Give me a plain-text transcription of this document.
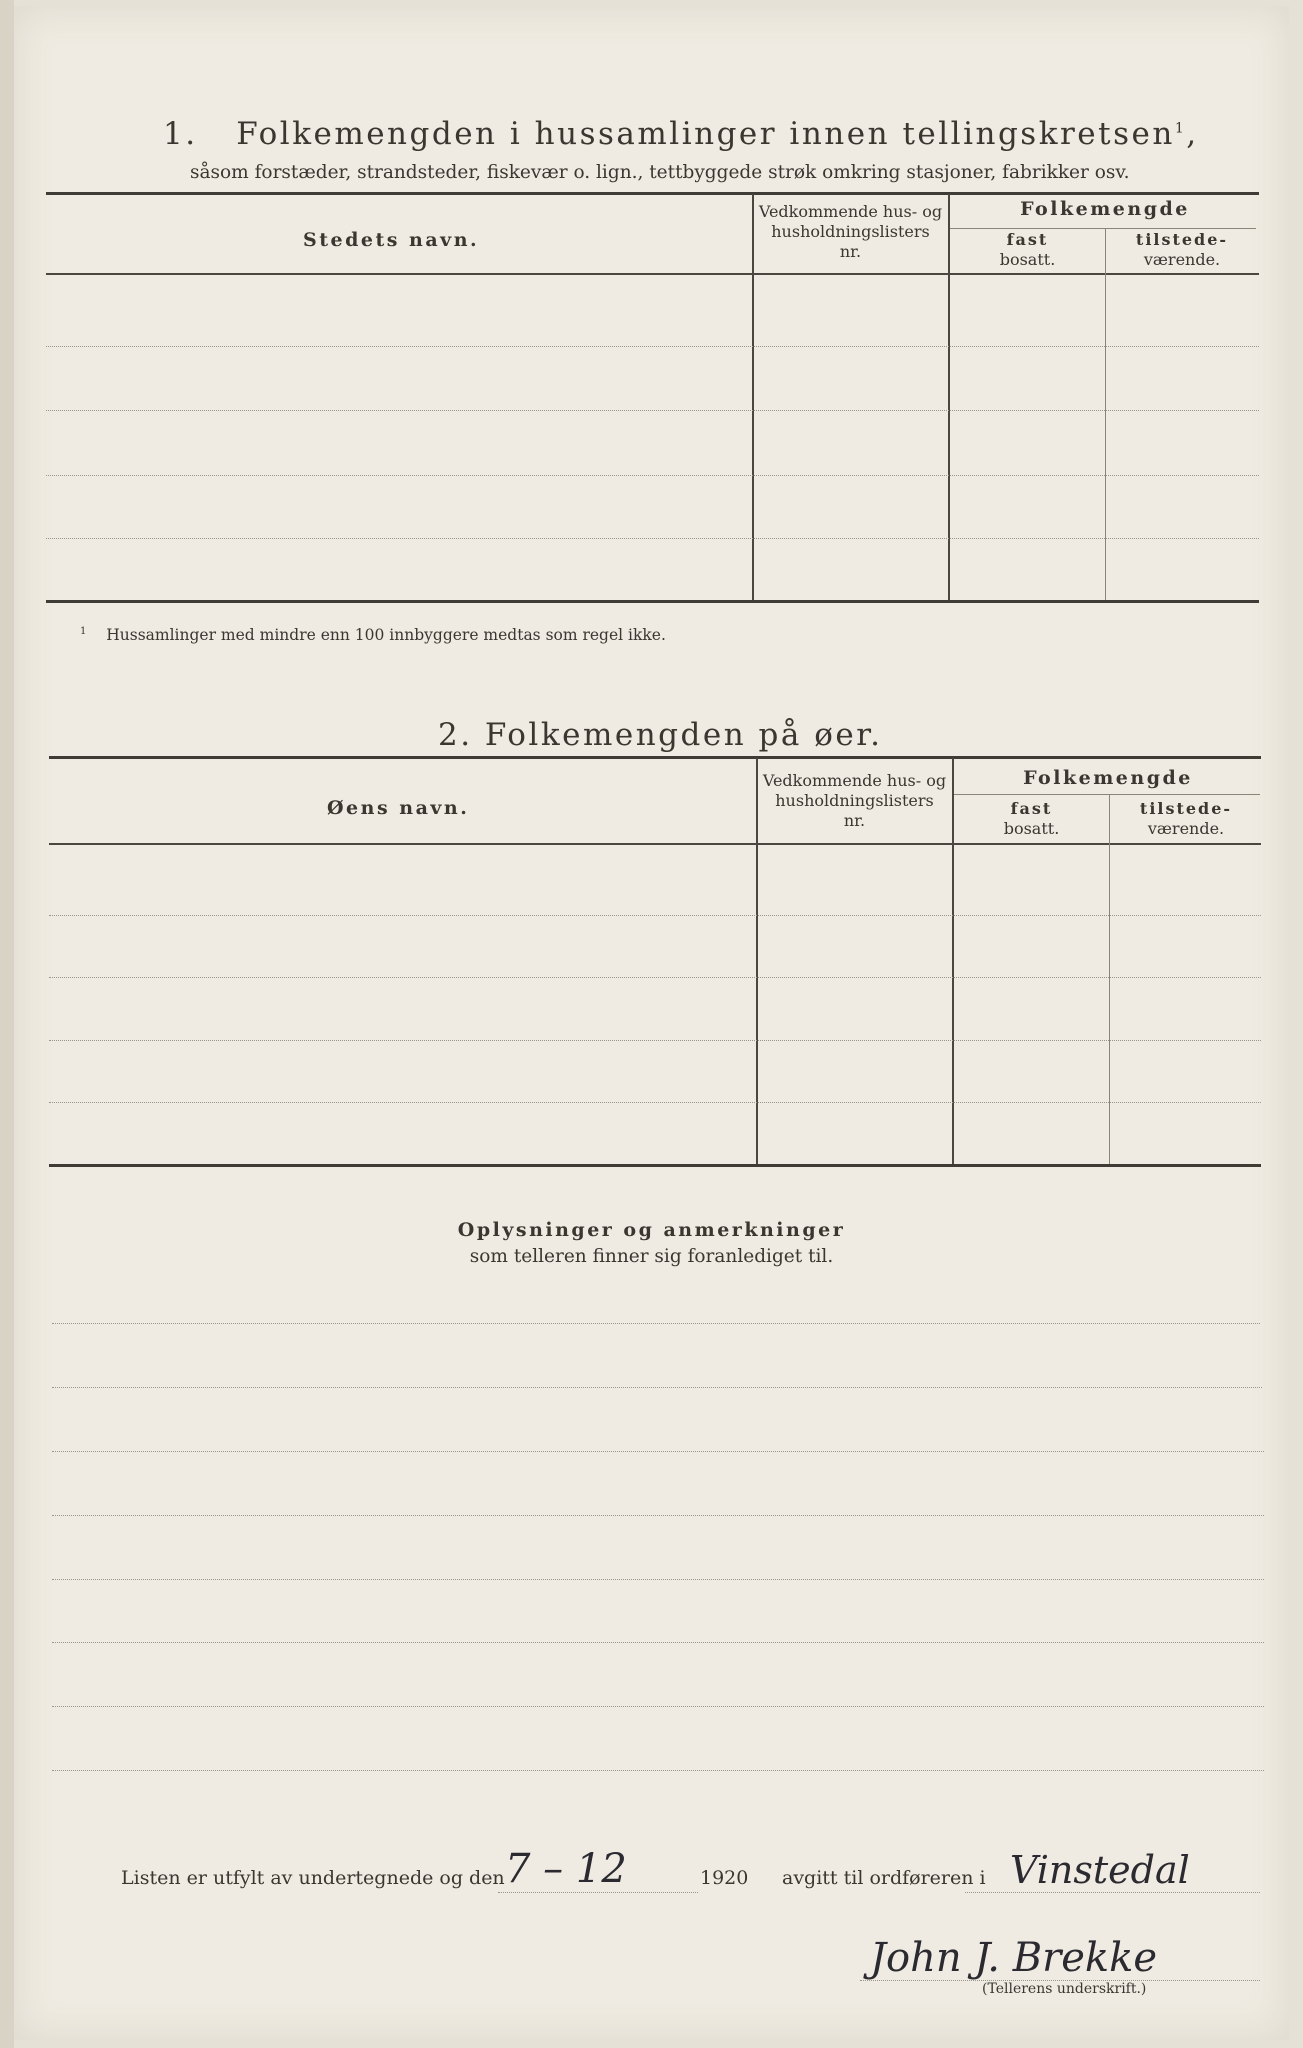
1. Folkemengden i hussamlinger innen tellingskretsen$^1$,
såsom forstæder, strandsteder, fiskevær o. lign., tettbyggede strøk omkring stasjoner, fabrikker osv.
Stedets navn.
Vedkommende hus- og
husholdningslisters
nr.
Folkemengde
fast
bosatt.
tilstede-
værende.
$^1$ Hussamlinger med mindre enn 100 innbyggere medtas som regel ikke.
2. Folkemengden på øer.
Øens navn.
Vedkommende hus- og
husholdningslisters
nr.
Folkemengde
fast
bosatt.
tilstede-
værende.
Oplysninger og anmerkninger
som telleren finner sig foranlediget til.
Listen er utfylt av undertegnede og den 7 – 12	1920 avgitt til ordføreren i Vinstedal
John J. Brekke
(Tellerens underskrift.)
